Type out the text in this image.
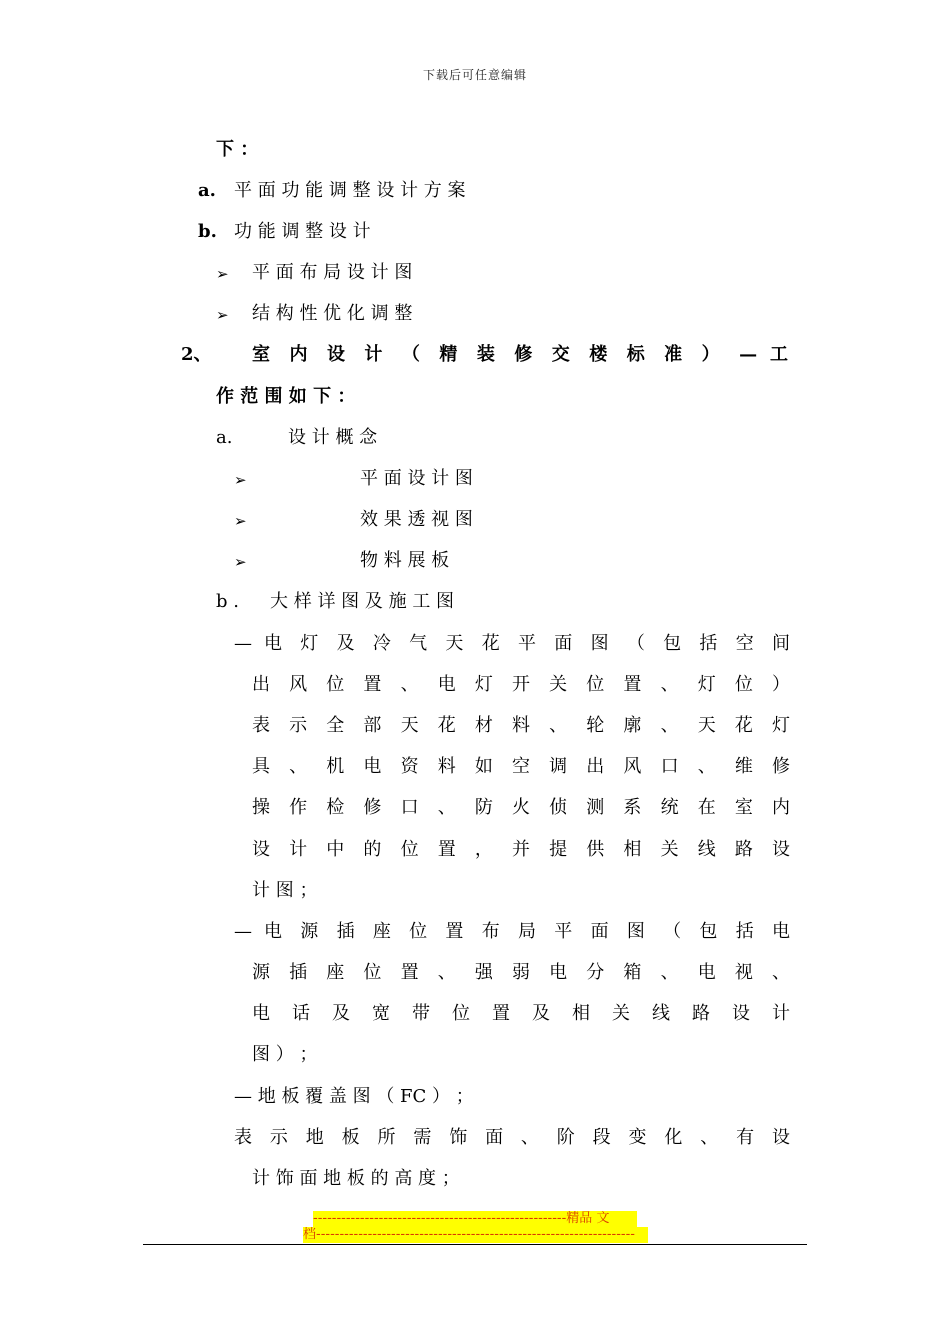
下载后可任意编辑
下 ：
a. 平 面 功 能 调 整 设 计 方 案
b. 功 能 调 整 设 计
➢ 平 面 布 局 设 计 图
➢ 结 构 性 优 化 调 整
2、 室 内 设 计 （ 精 装 修 交 楼 标 准 ） — 工
作 范 围 如 下 ：
a.	设 计 概 念
➢	平 面 设 计 图
➢	效 果 透 视 图
➢	物 料 展 板
b . 大 样 详 图 及 施 工 图
— 电 灯 及 冷 气 天 花 平 面 图 （ 包 括 空 间
出 风 位 置 、 电 灯 开 关 位 置 、 灯 位 ）
表 示 全 部 天 花 材 料 、 轮 廓 、 天 花 灯
具 、 机 电 资 料 如 空 调 出 风 口 、 维 修
操 作 检 修 口 、 防 火 侦 测 系 统 在 室 内
设 计 中 的 位 置 ， 并 提 供 相 关 线 路 设
计 图 ；
— 电 源 插 座 位 置 布 局 平 面 图 （ 包 括 电
源 插 座 位 置 、 强 弱 电 分 箱 、 电 视 、
电 话 及 宽 带 位 置 及 相 关 线 路 设 计
图 ） ；
— 地 板 覆 盖 图 （ FC ） ；
表 示 地 板 所 需 饰 面 、 阶 段 变 化 、 有 设
计 饰 面 地 板 的 高 度 ；
------------------------------------------------------精品 文
档--------------------------------------------------------------------
